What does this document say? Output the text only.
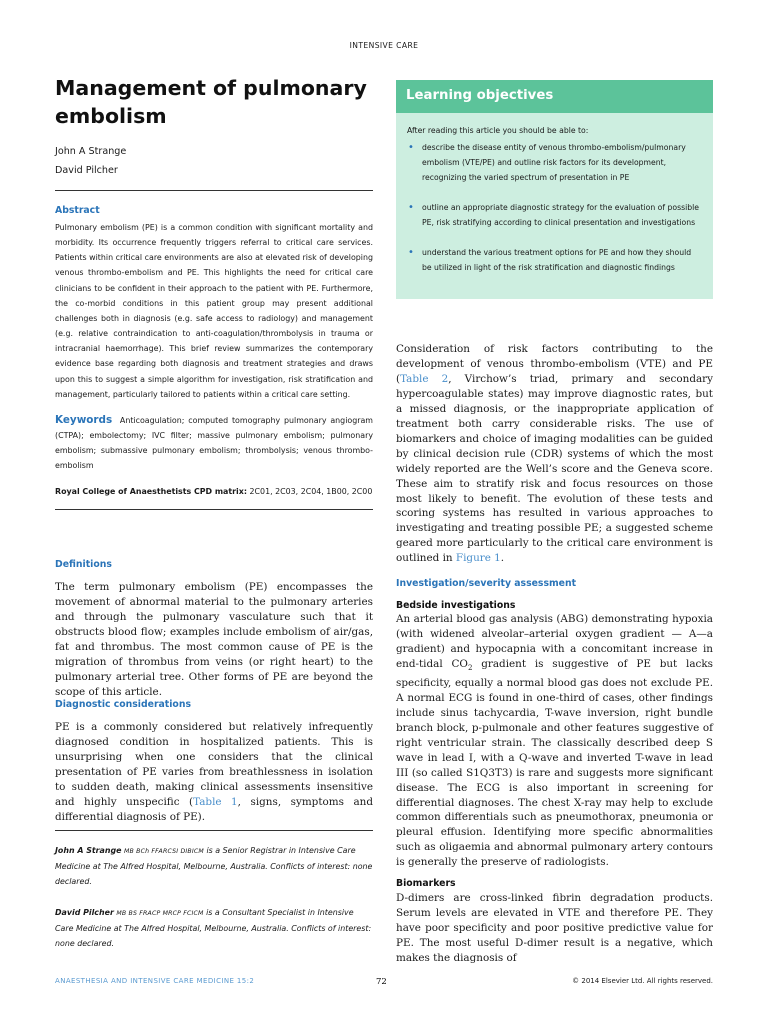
INTENSIVE CARE
Management of pulmonary embolism
John A Strange
David Pilcher
Abstract

Pulmonary embolism (PE) is a common condition with significant mortality and morbidity. Its occurrence frequently triggers referral to critical care services. Patients within critical care environments are also at elevated risk of developing venous thrombo-embolism and PE. This highlights the need for critical care clinicians to be confident in their approach to the patient with PE. Furthermore, the co-morbid conditions in this patient group may present additional challenges both in diagnosis (e.g. safe access to radiology) and management (e.g. relative contraindication to anti-coagulation/thrombolysis in trauma or intracranial haemorrhage). This brief review summarizes the contemporary evidence base regarding both diagnosis and treatment strategies and draws upon this to suggest a simple algorithm for investigation, risk stratification and management, particularly tailored to patients within a critical care setting.

Keywords Anticoagulation; computed tomography pulmonary angiogram (CTPA); embolectomy; IVC filter; massive pulmonary embolism; pulmonary embolism; submassive pulmonary embolism; thrombolysis; venous thrombo-embolism

Royal College of Anaesthetists CPD matrix: 2C01, 2C03, 2C04, 1B00, 2C00
Learning objectives
After reading this article you should be able to:

• describe the disease entity of venous thrombo-embolism/pulmonary embolism (VTE/PE) and outline risk factors for its development, recognizing the varied spectrum of presentation in PE

• outline an appropriate diagnostic strategy for the evaluation of possible PE, risk stratifying according to clinical presentation and investigations

• understand the various treatment options for PE and how they should be utilized in light of the risk stratification and diagnostic findings

Definitions

The term pulmonary embolism (PE) encompasses the movement of abnormal material to the pulmonary arteries and through the pulmonary vasculature such that it obstructs blood flow; examples include embolism of air/gas, fat and thrombus. The most common cause of PE is the migration of thrombus from veins (or right heart) to the pulmonary arterial tree. Other forms of PE are beyond the scope of this article.

Diagnostic considerations

PE is a commonly considered but relatively infrequently diagnosed condition in hospitalized patients. This is unsurprising when one considers that the clinical presentation of PE varies from breathlessness in isolation to sudden death, making clinical assessments insensitive and highly unspecific (Table 1, signs, symptoms and differential diagnosis of PE).

John A Strange MB BCh FFARCSI DIBICM is a Senior Registrar in Intensive Care Medicine at The Alfred Hospital, Melbourne, Australia. Conflicts of interest: none declared.

David Pilcher MB BS FRACP MRCP FCICM is a Consultant Specialist in Intensive Care Medicine at The Alfred Hospital, Melbourne, Australia. Conflicts of interest: none declared.

Consideration of risk factors contributing to the development of venous thrombo-embolism (VTE) and PE (Table 2, Virchow’s triad, primary and secondary hypercoagulable states) may improve diagnostic rates, but a missed diagnosis, or the inappropriate application of treatment both carry considerable risks. The use of biomarkers and choice of imaging modalities can be guided by clinical decision rule (CDR) systems of which the most widely reported are the Well’s score and the Geneva score. These aim to stratify risk and focus resources on those most likely to benefit. The evolution of these tests and scoring systems has resulted in various approaches to investigating and treating possible PE; a suggested scheme geared more particularly to the critical care environment is outlined in Figure 1.

Investigation/severity assessment
Bedside investigations

An arterial blood gas analysis (ABG) demonstrating hypoxia (with widened alveolar–arterial oxygen gradient — A—a gradient) and hypocapnia with a concomitant increase in end-tidal $CO_2$ gradient is suggestive of PE but lacks specificity, equally a normal blood gas does not exclude PE. A normal ECG is found in one-third of cases, other findings include sinus tachycardia, T-wave inversion, right bundle branch block, p-pulmonale and other features suggestive of right ventricular strain. The classically described deep S wave in lead I, with a Q-wave and inverted T-wave in lead III (so called S1Q3T3) is rare and suggests more significant disease. The ECG is also important in screening for differential diagnoses. The chest X-ray may help to exclude common differentials such as pneumothorax, pneumonia or pleural effusion. Identifying more specific abnormalities such as oligaemia and abnormal pulmonary artery contours is generally the preserve of radiologists.

Biomarkers

D-dimers are cross-linked fibrin degradation products. Serum levels are elevated in VTE and therefore PE. They have poor specificity and poor positive predictive value for PE. The most useful D-dimer result is a negative, which makes the diagnosis of

ANAESTHESIA AND INTENSIVE CARE MEDICINE 15:2	72	© 2014 Elsevier Ltd. All rights reserved.
